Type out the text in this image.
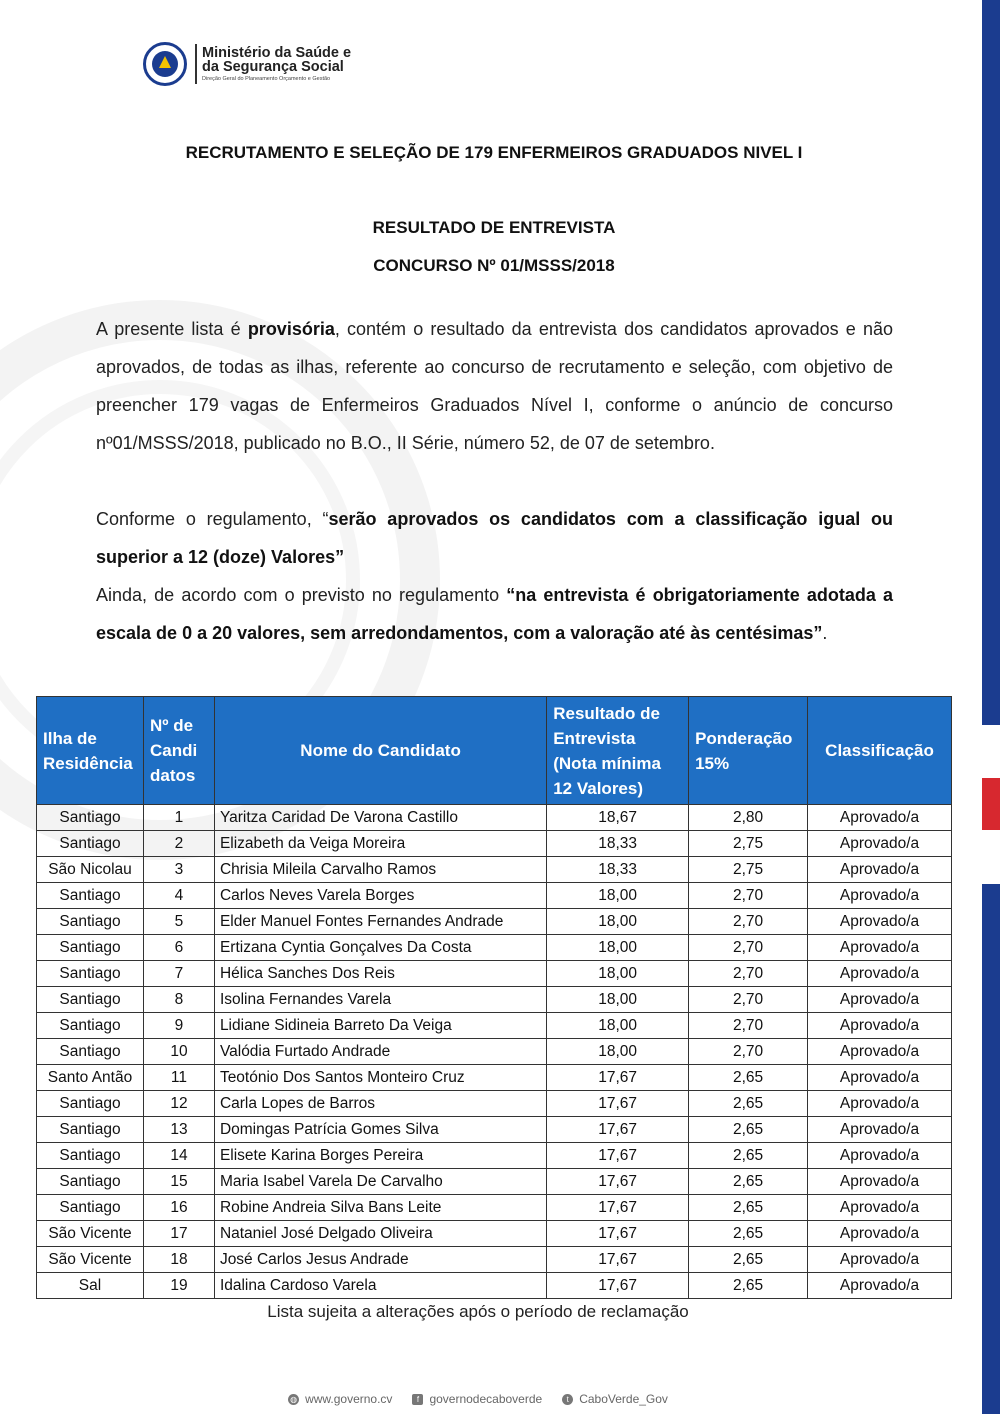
Ministério da Saúde e
da Segurança Social
Direção Geral do Planeamento Orçamento e Gestão
RECRUTAMENTO E SELEÇÃO DE 179 ENFERMEIROS GRADUADOS NIVEL I
RESULTADO DE ENTREVISTA
CONCURSO Nº 01/MSSS/2018
A presente lista é provisória, contém o resultado da entrevista dos candidatos aprovados e não aprovados, de todas as ilhas, referente ao concurso de recrutamento e seleção, com objetivo de preencher 179 vagas de Enfermeiros Graduados Nível I, conforme o anúncio de concurso nº01/MSSS/2018, publicado no B.O., II Série, número 52, de 07 de setembro.
Conforme o regulamento, “serão aprovados os candidatos com a classificação igual ou superior a 12 (doze) Valores”
Ainda, de acordo com o previsto no regulamento “na entrevista é obrigatoriamente adotada a escala de 0 a 20 valores, sem arredondamentos, com a valoração até às centésimas”.
Ilha de Residência	Nº de Candi datos	Nome do Candidato	Resultado de Entrevista (Nota mínima 12 Valores)	Ponderação 15%	Classificação
Santiago	1	Yaritza Caridad De Varona Castillo	18,67	2,80	Aprovado/a
Santiago	2	Elizabeth da Veiga Moreira	18,33	2,75	Aprovado/a
São Nicolau	3	Chrisia Mileila Carvalho Ramos	18,33	2,75	Aprovado/a
Santiago	4	Carlos Neves Varela Borges	18,00	2,70	Aprovado/a
Santiago	5	Elder Manuel Fontes Fernandes Andrade	18,00	2,70	Aprovado/a
Santiago	6	Ertizana Cyntia Gonçalves Da Costa	18,00	2,70	Aprovado/a
Santiago	7	Hélica Sanches Dos Reis	18,00	2,70	Aprovado/a
Santiago	8	Isolina Fernandes Varela	18,00	2,70	Aprovado/a
Santiago	9	Lidiane Sidineia Barreto Da Veiga	18,00	2,70	Aprovado/a
Santiago	10	Valódia Furtado Andrade	18,00	2,70	Aprovado/a
Santo Antão	11	Teotónio Dos Santos Monteiro Cruz	17,67	2,65	Aprovado/a
Santiago	12	Carla Lopes de Barros	17,67	2,65	Aprovado/a
Santiago	13	Domingas Patrícia Gomes Silva	17,67	2,65	Aprovado/a
Santiago	14	Elisete Karina Borges Pereira	17,67	2,65	Aprovado/a
Santiago	15	Maria Isabel Varela De Carvalho	17,67	2,65	Aprovado/a
Santiago	16	Robine Andreia Silva Bans Leite	17,67	2,65	Aprovado/a
São Vicente	17	Nataniel José Delgado Oliveira	17,67	2,65	Aprovado/a
São Vicente	18	José Carlos Jesus Andrade	17,67	2,65	Aprovado/a
Sal	19	Idalina Cardoso Varela	17,67	2,65	Aprovado/a
Lista sujeita a alterações após o período de reclamação
◍ www.governo.cv	f governodecaboverde	t CaboVerde_Gov
